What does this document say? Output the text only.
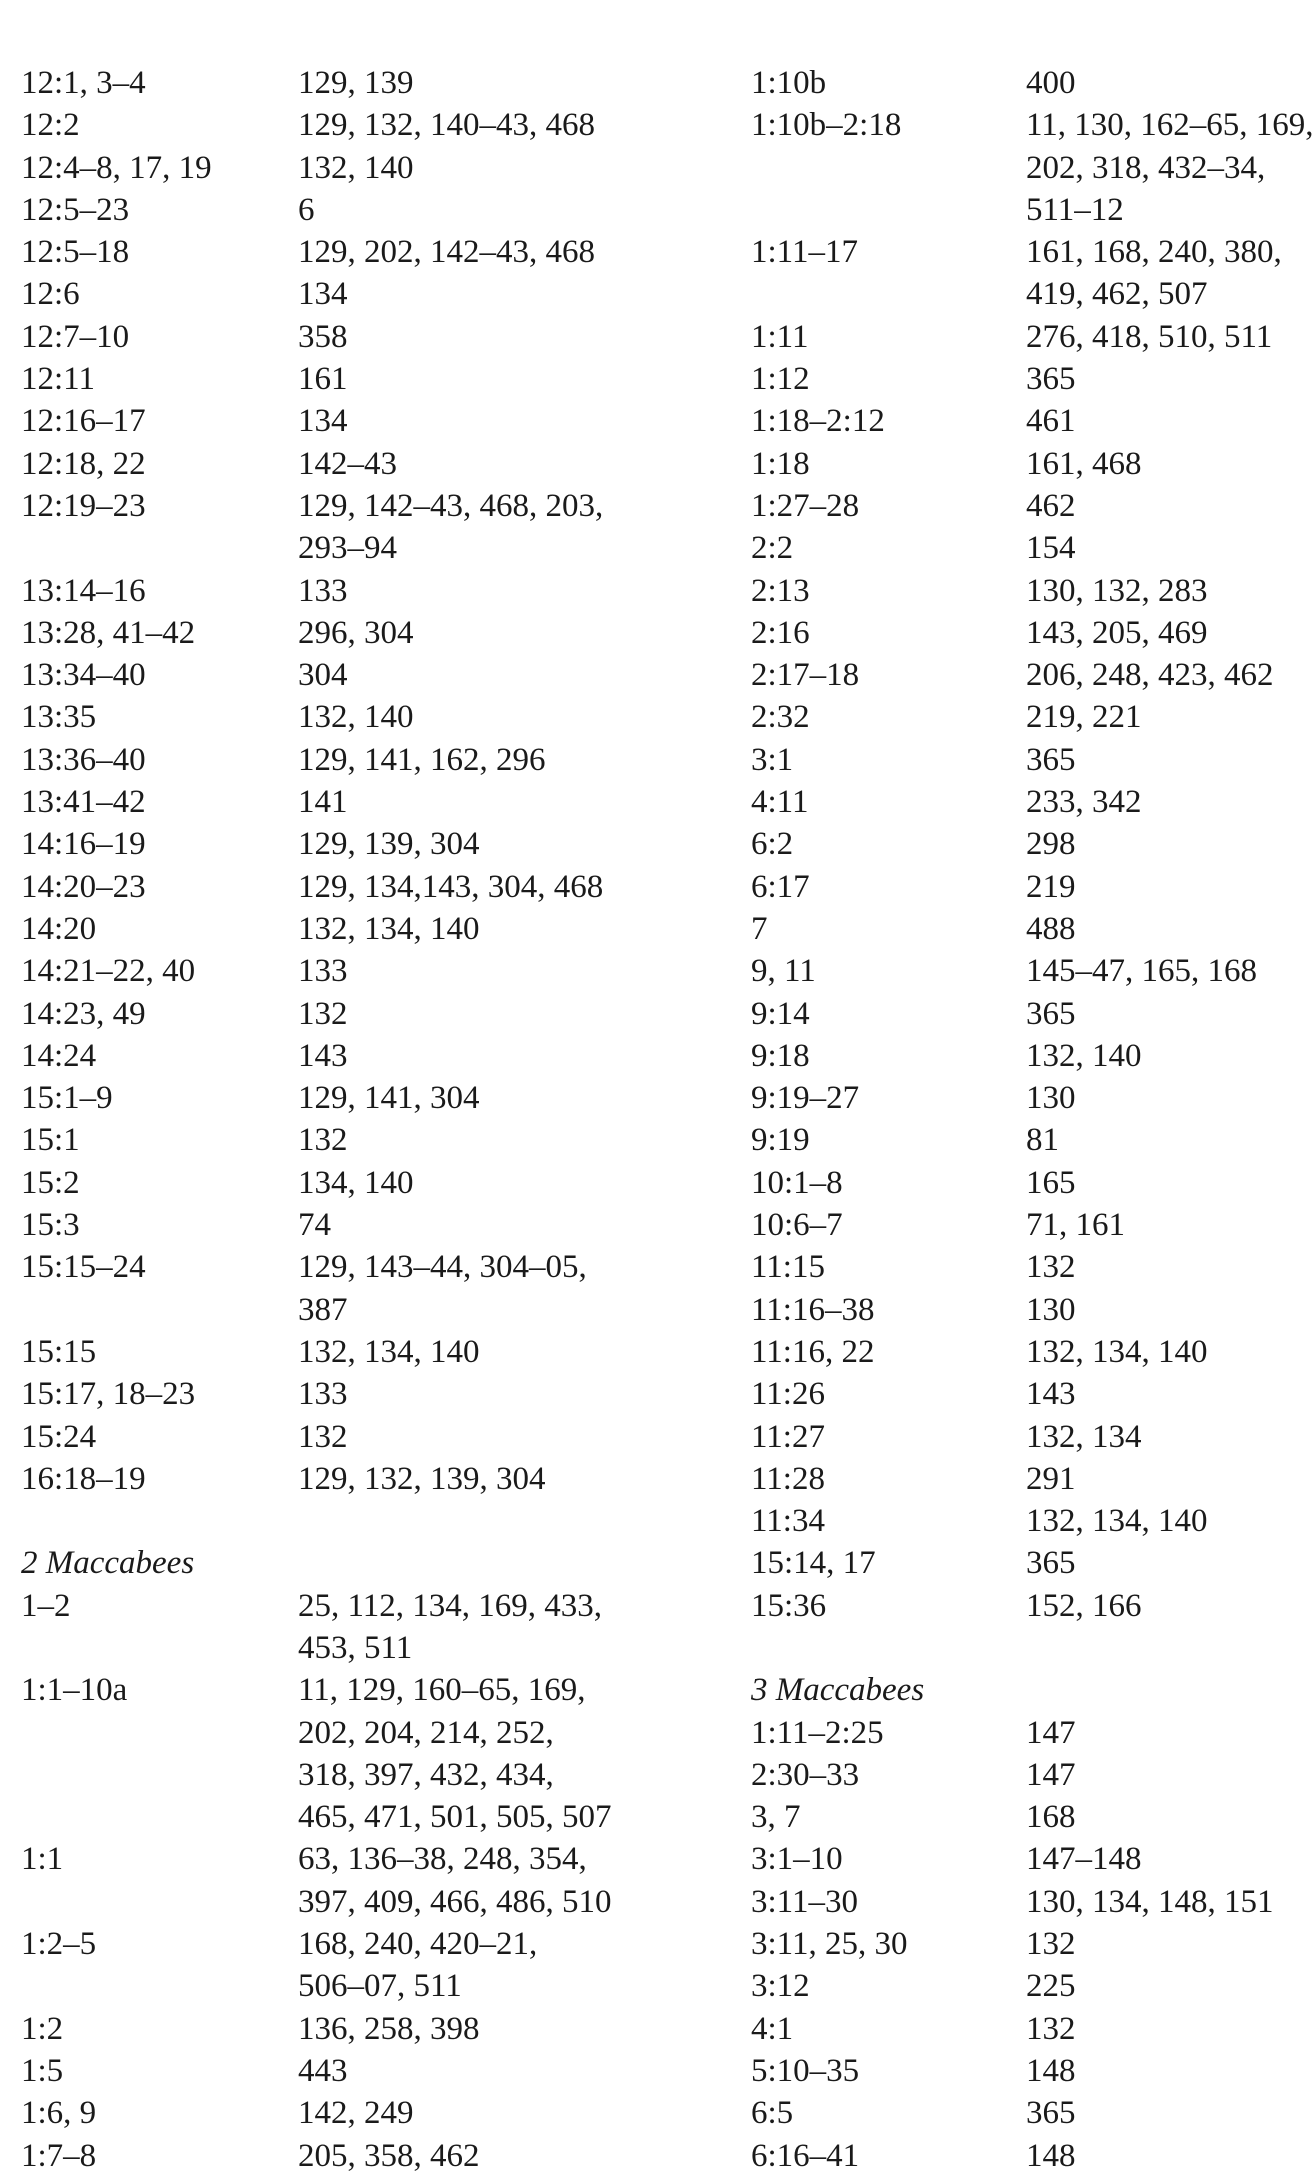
12:1, 3–4	129, 139
12:2	129, 132, 140–43, 468
12:4–8, 17, 19	132, 140
12:5–23	6
12:5–18	129, 202, 142–43, 468
12:6	134
12:7–10	358
12:11	161
12:16–17	134
12:18, 22	142–43
12:19–23	129, 142–43, 468, 203,
293–94
13:14–16	133
13:28, 41–42	296, 304
13:34–40	304
13:35	132, 140
13:36–40	129, 141, 162, 296
13:41–42	141
14:16–19	129, 139, 304
14:20–23	129, 134,143, 304, 468
14:20	132, 134, 140
14:21–22, 40	133
14:23, 49	132
14:24	143
15:1–9	129, 141, 304
15:1	132
15:2	134, 140
15:3	74
15:15–24	129, 143–44, 304–05,
387
15:15	132, 134, 140
15:17, 18–23	133
15:24	132
16:18–19	129, 132, 139, 304
2 Maccabees
1–2	25, 112, 134, 169, 433,
453, 511
1:1–10a	11, 129, 160–65, 169,
202, 204, 214, 252,
318, 397, 432, 434,
465, 471, 501, 505, 507
1:1	63, 136–38, 248, 354,
397, 409, 466, 486, 510
1:2–5	168, 240, 420–21,
506–07, 511
1:2	136, 258, 398
1:5	443
1:6, 9	142, 249
1:7–8	205, 358, 462
1:10b	400
1:10b–2:18	11, 130, 162–65, 169,
202, 318, 432–34,
511–12
1:11–17	161, 168, 240, 380,
419, 462, 507
1:11	276, 418, 510, 511
1:12	365
1:18–2:12	461
1:18	161, 468
1:27–28	462
2:2	154
2:13	130, 132, 283
2:16	143, 205, 469
2:17–18	206, 248, 423, 462
2:32	219, 221
3:1	365
4:11	233, 342
6:2	298
6:17	219
7	488
9, 11	145–47, 165, 168
9:14	365
9:18	132, 140
9:19–27	130
9:19	81
10:1–8	165
10:6–7	71, 161
11:15	132
11:16–38	130
11:16, 22	132, 134, 140
11:26	143
11:27	132, 134
11:28	291
11:34	132, 134, 140
15:14, 17	365
15:36	152, 166
3 Maccabees
1:11–2:25	147
2:30–33	147
3, 7	168
3:1–10	147–148
3:11–30	130, 134, 148, 151
3:11, 25, 30	132
3:12	225
4:1	132
5:10–35	148
6:5	365
6:16–41	148
